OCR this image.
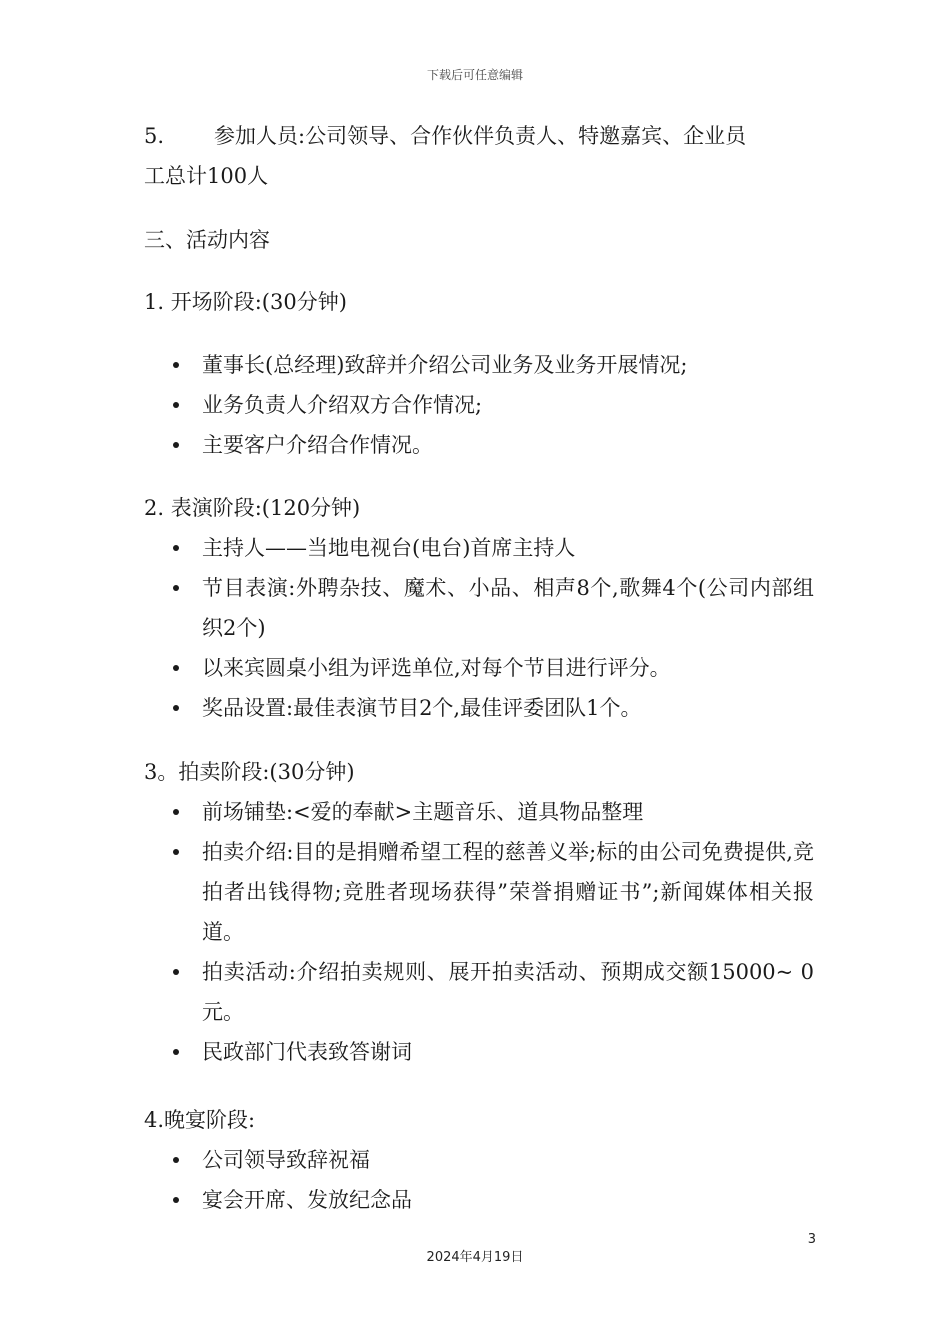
下载后可任意编辑
5. 参加人员:公司领导、合作伙伴负责人、特邀嘉宾、企业员
工总计100人
三、活动内容
1. 开场阶段:(30分钟)
董事长(总经理)致辞并介绍公司业务及业务开展情况;
业务负责人介绍双方合作情况;
主要客户介绍合作情况。
2. 表演阶段:(120分钟)
主持人——当地电视台(电台)首席主持人
节目表演:外聘杂技、魔术、小品、相声8个,歌舞4个(公司内部组织2个)
以来宾圆桌小组为评选单位,对每个节目进行评分。
奖品设置:最佳表演节目2个,最佳评委团队1个。
3。拍卖阶段:(30分钟)
前场铺垫:<爱的奉献>主题音乐、道具物品整理
拍卖介绍:目的是捐赠希望工程的慈善义举;标的由公司免费提供,竞拍者出钱得物;竞胜者现场获得”荣誉捐赠证书”;新闻媒体相关报道。
拍卖活动:介绍拍卖规则、展开拍卖活动、预期成交额15000~ 0元。
民政部门代表致答谢词
4.晚宴阶段:
公司领导致辞祝福
宴会开席、发放纪念品
3
2024年4月19日
